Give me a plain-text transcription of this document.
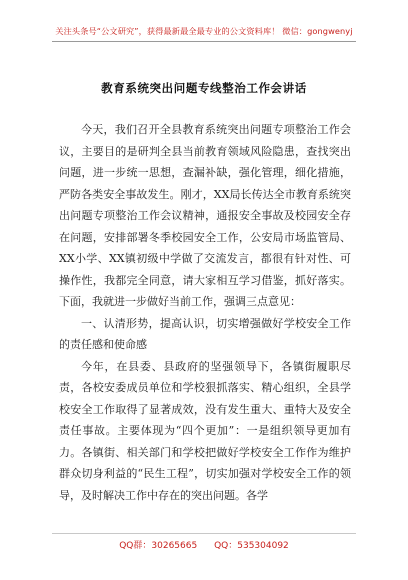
关注头条号“公文研究”，获得最新最全最专业的公文资料库！ 微信：gongwenyj
教育系统突出问题专线整治工作会讲话

今天，我们召开全县教育系统突出问题专项整治工作会议，主要目的是研判全县当前教育领域风险隐患，查找突出问题，进一步统一思想，查漏补缺，强化管理，细化措施，严防各类安全事故发生。刚才，XX局长传达全市教育系统突出问题专项整治工作会议精神，通报安全事故及校园安全存在问题，安排部署冬季校园安全工作，公安局市场监管局、XX小学、XX镇初级中学做了交流发言，都很有针对性、可操作性，我都完全同意，请大家相互学习借鉴，抓好落实。下面，我就进一步做好当前工作，强调三点意见：

一、认清形势，提高认识，切实增强做好学校安全工作的责任感和使命感

今年，在县委、县政府的坚强领导下，各镇街履职尽责，各校安委成员单位和学校狠抓落实、精心组织，全县学校安全工作取得了显著成效，没有发生重大、重特大及安全责任事故。主要体现为“四个更加”：一是组织领导更加有力。各镇街、相关部门和学校把做好学校安全工作作为维护群众切身利益的“民生工程”，切实加强对学校安全工作的领导，及时解决工作中存在的突出问题。各学

QQ群：30265665 QQ：535304092
